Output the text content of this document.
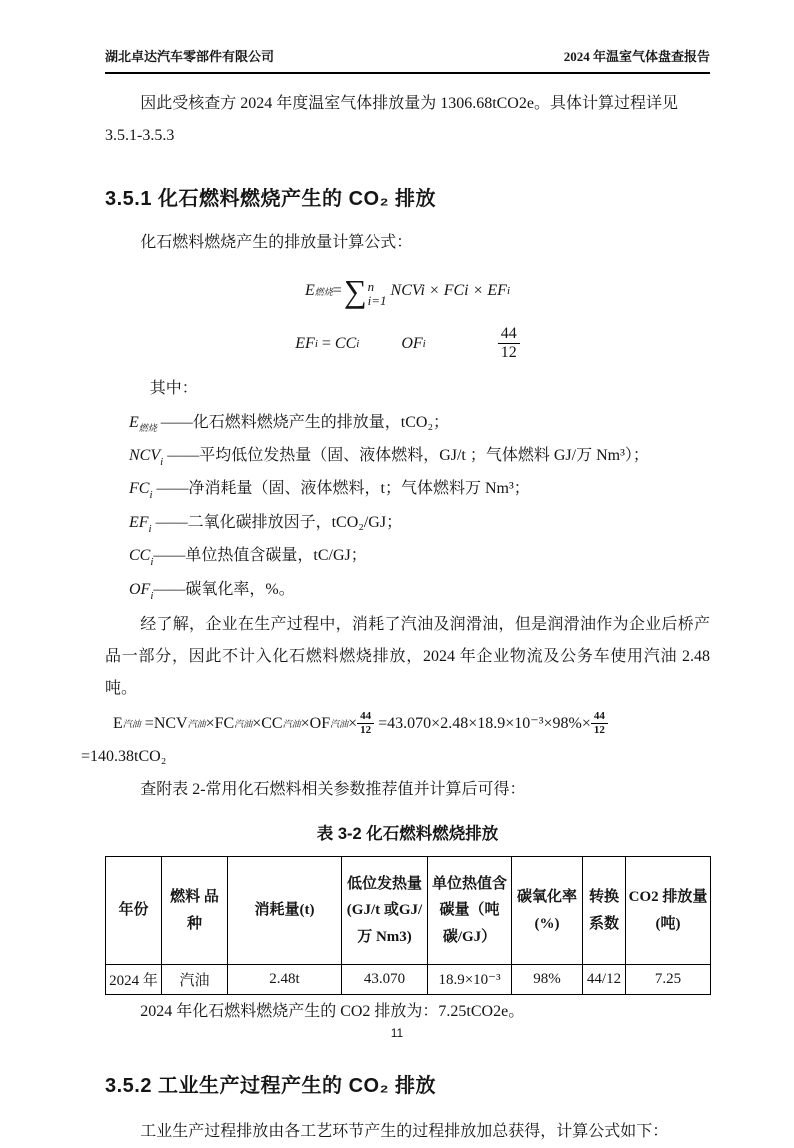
湖北卓达汽车零部件有限公司	2024 年温室气体盘查报告

因此受核查方 2024 年度温室气体排放量为 1306.68tCO2e。具体计算过程详见
3.5.1-3.5.3

3.5.1 化石燃料燃烧产生的 CO₂ 排放

化石燃料燃烧产生的排放量计算公式：

E 燃烧 = ∑ n
i=1
NCVi × FCi × EF i
EF i = CC i	OF i	$\frac{44}{12}$

其中：

$E_{燃烧}$ ——化石燃料燃烧产生的排放量，tCO₂；
$NCV_i$ ——平均低位发热量（固、液体燃料，GJ/t ；气体燃料 GJ/万 Nm³）；
$FC_i$ ——净消耗量（固、液体燃料，t；气体燃料万 Nm³；
$EF_i$ ——二氧化碳排放因子，tCO₂/GJ；
$CC_i——$单位热值含碳量，tC/GJ；
$OF_i——$碳氧化率，%。

经了解，企业在生产过程中，消耗了汽油及润滑油，但是润滑油作为企业后桥产品一部分，因此不计入化石燃料燃烧排放，2024 年企业物流及公务车使用汽油 2.48 吨。

E 汽油 =NCV 汽油 ×FC 汽油 ×CC 汽油 ×OF 汽油 × $\frac{44}{12} =43.070\times 2.48\times 18.9\times 10^{-3}\times 98\%\times \frac{44}{12}$
=140.38tCO₂

查附表 2-常用化石燃料相关参数推荐值并计算后可得：

表 3-2 化石燃料燃烧排放
年份	燃料 品种	消耗量(t)	低位发热量 (GJ/t 或GJ/ 万 Nm3)	单位热值含碳量（吨碳/GJ）	碳氧化率 (%)	转换 系数	CO2 排放量 (吨)
2024 年	汽油	2.48t	43.070	18.9×10⁻³	98%	44/12	7.25

2024 年化石燃料燃烧产生的 CO2 排放为：7.25tCO2e。

3.5.2 工业生产过程产生的 CO₂ 排放

工业生产过程排放由各工艺环节产生的过程排放加总获得，计算公式如下：

11
